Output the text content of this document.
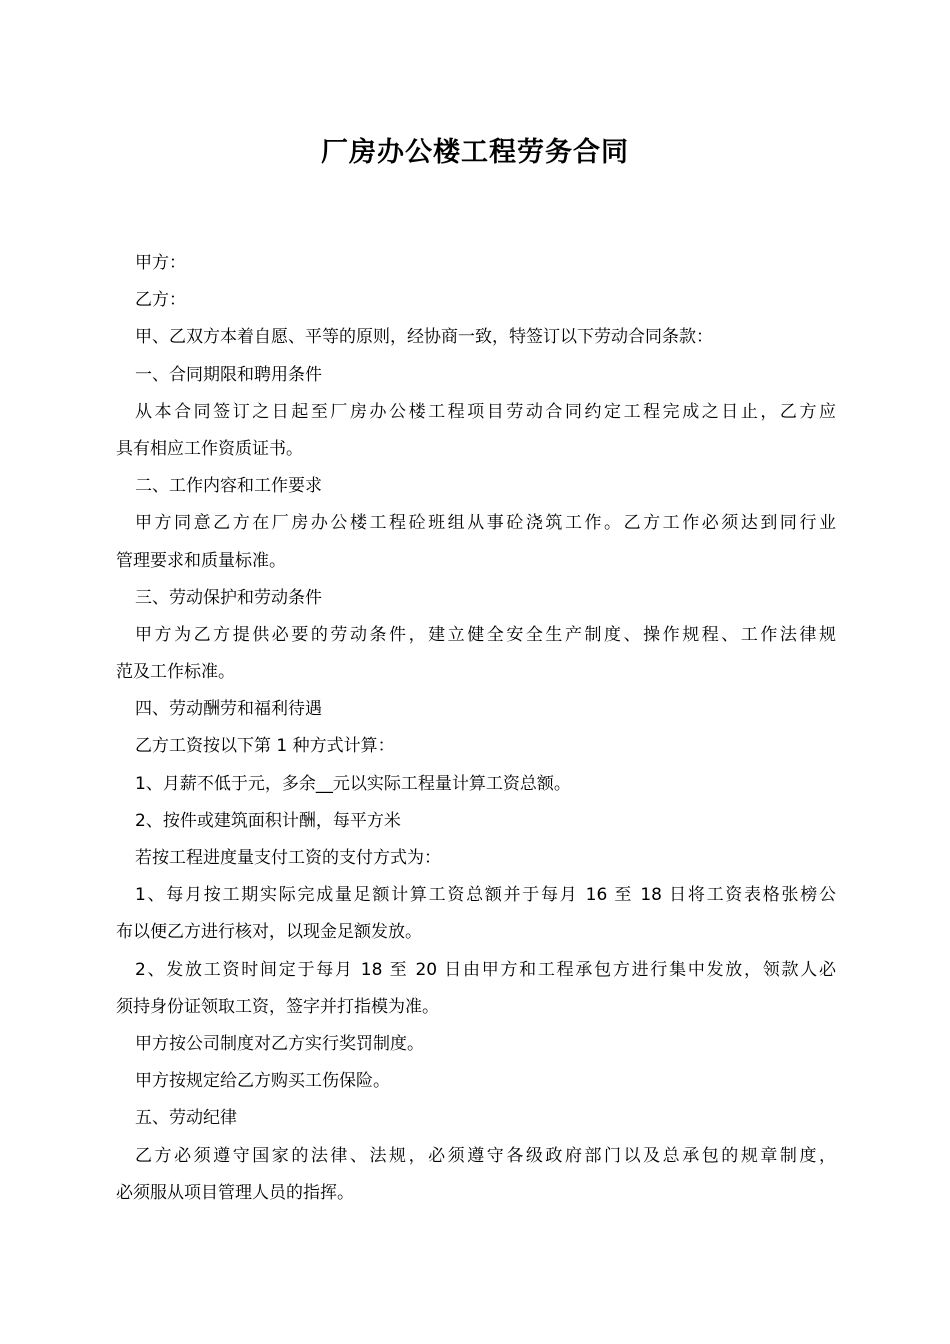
厂房办公楼工程劳务合同
甲方：
乙方：
甲、乙双方本着自愿、平等的原则，经协商一致，特签订以下劳动合同条款：
一、合同期限和聘用条件
从本合同签订之日起至厂房办公楼工程项目劳动合同约定工程完成之日止，乙方应
具有相应工作资质证书。
二、工作内容和工作要求
甲方同意乙方在厂房办公楼工程砼班组从事砼浇筑工作。乙方工作必须达到同行业
管理要求和质量标准。
三、劳动保护和劳动条件
甲方为乙方提供必要的劳动条件，建立健全安全生产制度、操作规程、工作法律规
范及工作标准。
四、劳动酬劳和福利待遇
乙方工资按以下第 1 种方式计算：
1、月薪不低于元，多余__元以实际工程量计算工资总额。
2、按件或建筑面积计酬，每平方米
若按工程进度量支付工资的支付方式为：
1、每月按工期实际完成量足额计算工资总额并于每月 16 至 18 日将工资表格张榜公
布以便乙方进行核对，以现金足额发放。
2、发放工资时间定于每月 18 至 20 日由甲方和工程承包方进行集中发放，领款人必
须持身份证领取工资，签字并打指模为准。
甲方按公司制度对乙方实行奖罚制度。
甲方按规定给乙方购买工伤保险。
五、劳动纪律
乙方必须遵守国家的法律、法规，必须遵守各级政府部门以及总承包的规章制度，
必须服从项目管理人员的指挥。
